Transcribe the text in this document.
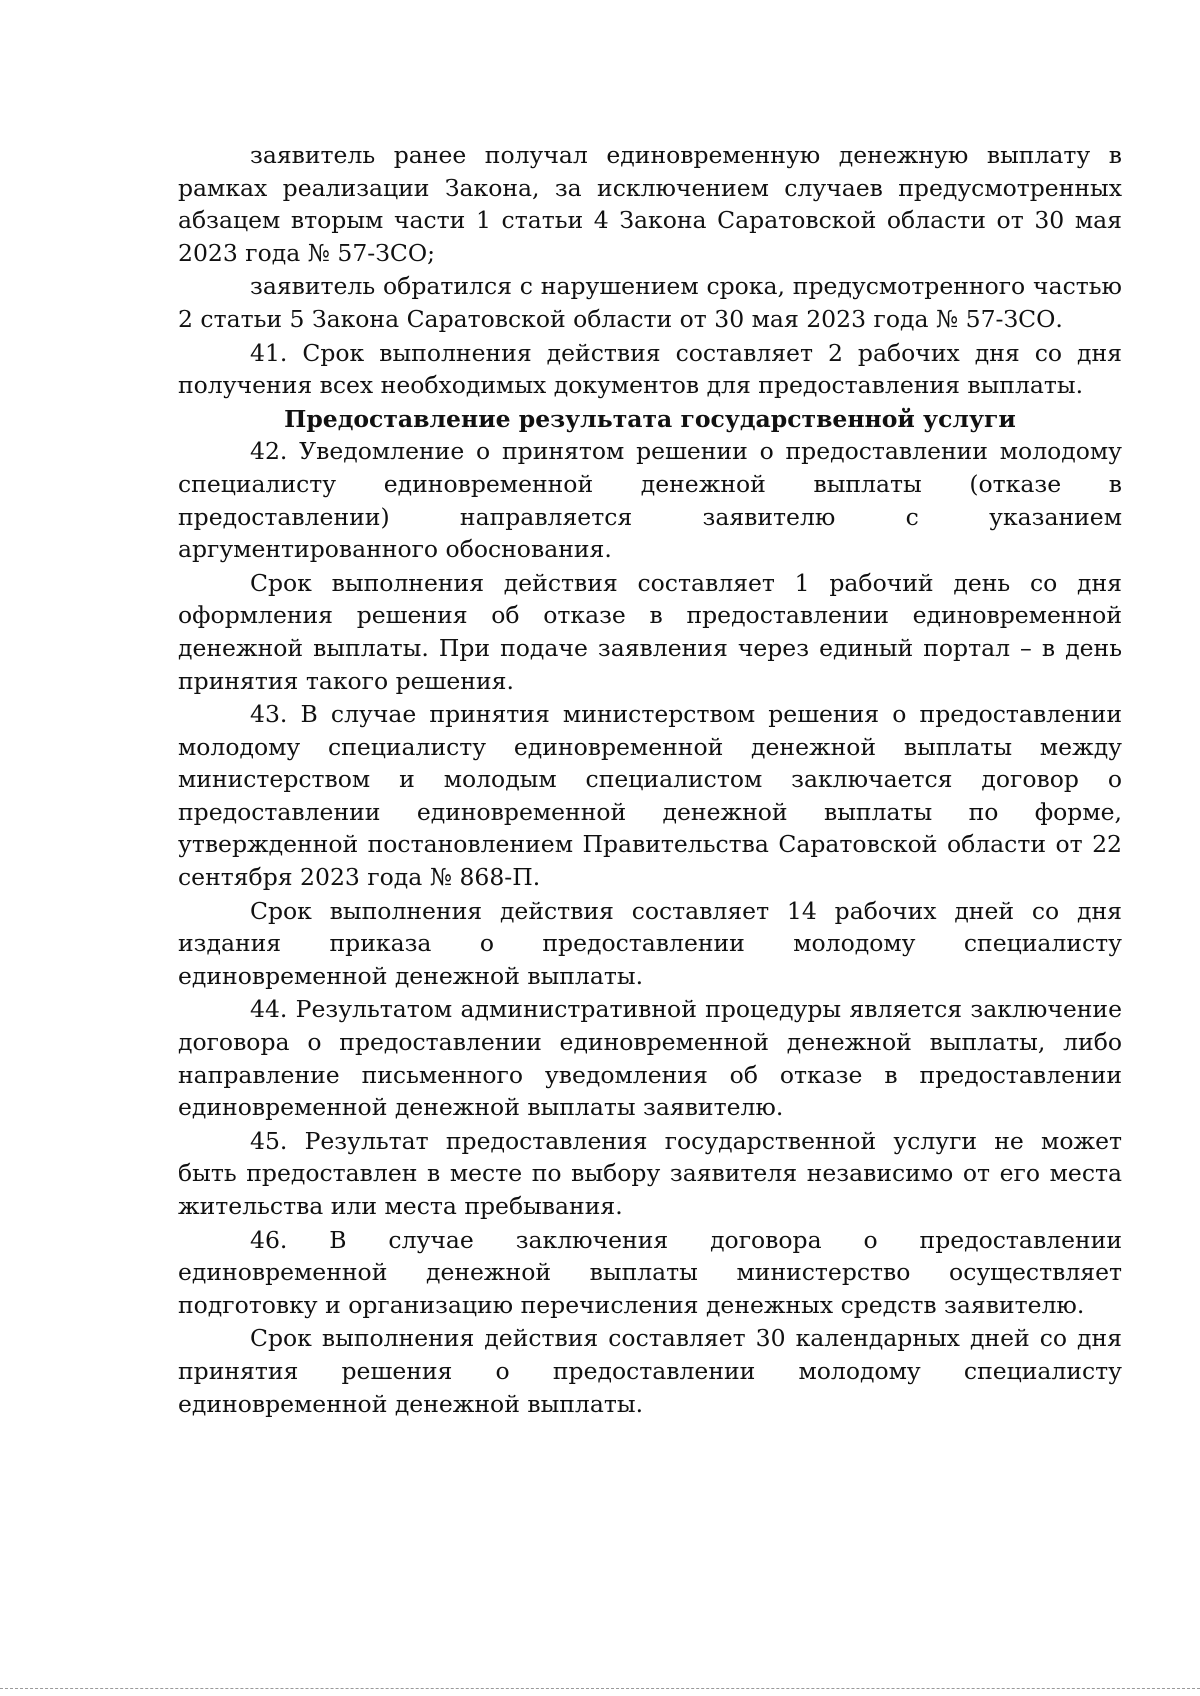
заявитель ранее получал единовременную денежную выплату в рамках реализации Закона, за исключением случаев предусмотренных абзацем вторым части 1 статьи 4 Закона Саратовской области от 30 мая 2023 года № 57-ЗСО;

заявитель обратился с нарушением срока, предусмотренного частью 2 статьи 5 Закона Саратовской области от 30 мая 2023 года № 57-ЗСО.

41. Срок выполнения действия составляет 2 рабочих дня со дня получения всех необходимых документов для предоставления выплаты.

Предоставление результата государственной услуги

42. Уведомление о принятом решении о предоставлении молодому специалисту единовременной денежной выплаты (отказе в предоставлении) направляется заявителю с указанием аргументированного обоснования.

Срок выполнения действия составляет 1 рабочий день со дня оформления решения об отказе в предоставлении единовременной денежной выплаты. При подаче заявления через единый портал – в день принятия такого решения.

43. В случае принятия министерством решения о предоставлении молодому специалисту единовременной денежной выплаты между министерством и молодым специалистом заключается договор о предоставлении единовременной денежной выплаты по форме, утвержденной постановлением Правительства Саратовской области от 22 сентября 2023 года № 868-П.

Срок выполнения действия составляет 14 рабочих дней со дня издания приказа о предоставлении молодому специалисту единовременной денежной выплаты.

44. Результатом административной процедуры является заключение договора о предоставлении единовременной денежной выплаты, либо направление письменного уведомления об отказе в предоставлении единовременной денежной выплаты заявителю.

45. Результат предоставления государственной услуги не может быть предоставлен в месте по выбору заявителя независимо от его места жительства или места пребывания.

46. В случае заключения договора о предоставлении единовременной денежной выплаты министерство осуществляет подготовку и организацию перечисления денежных средств заявителю.

Срок выполнения действия составляет 30 календарных дней со дня принятия решения о предоставлении молодому специалисту единовременной денежной выплаты.
